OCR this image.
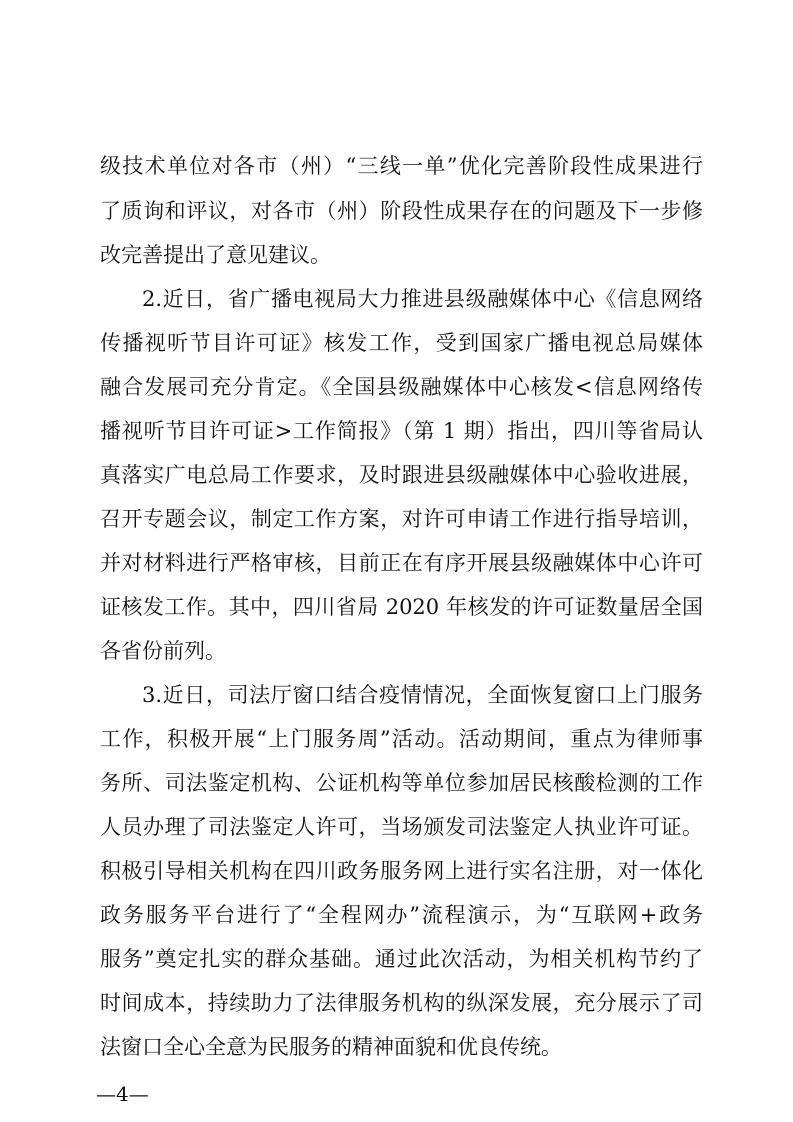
级技术单位对各市（州）“三线一单”优化完善阶段性成果进行
了质询和评议，对各市（州）阶段性成果存在的问题及下一步修
改完善提出了意见建议。
2.近日，省广播电视局大力推进县级融媒体中心《信息网络
传播视听节目许可证》核发工作，受到国家广播电视总局媒体
融合发展司充分肯定。《全国县级融媒体中心核发<信息网络传
播视听节目许可证>工作简报》（第 1 期）指出，四川等省局认
真落实广电总局工作要求，及时跟进县级融媒体中心验收进展，
召开专题会议，制定工作方案，对许可申请工作进行指导培训，
并对材料进行严格审核，目前正在有序开展县级融媒体中心许可
证核发工作。其中，四川省局 2020 年核发的许可证数量居全国
各省份前列。
3.近日，司法厅窗口结合疫情情况，全面恢复窗口上门服务
工作，积极开展“上门服务周”活动。活动期间，重点为律师事
务所、司法鉴定机构、公证机构等单位参加居民核酸检测的工作
人员办理了司法鉴定人许可，当场颁发司法鉴定人执业许可证。
积极引导相关机构在四川政务服务网上进行实名注册，对一体化
政务服务平台进行了“全程网办”流程演示，为“互联网+政务
服务”奠定扎实的群众基础。通过此次活动，为相关机构节约了
时间成本，持续助力了法律服务机构的纵深发展，充分展示了司
法窗口全心全意为民服务的精神面貌和优良传统。
—4—
